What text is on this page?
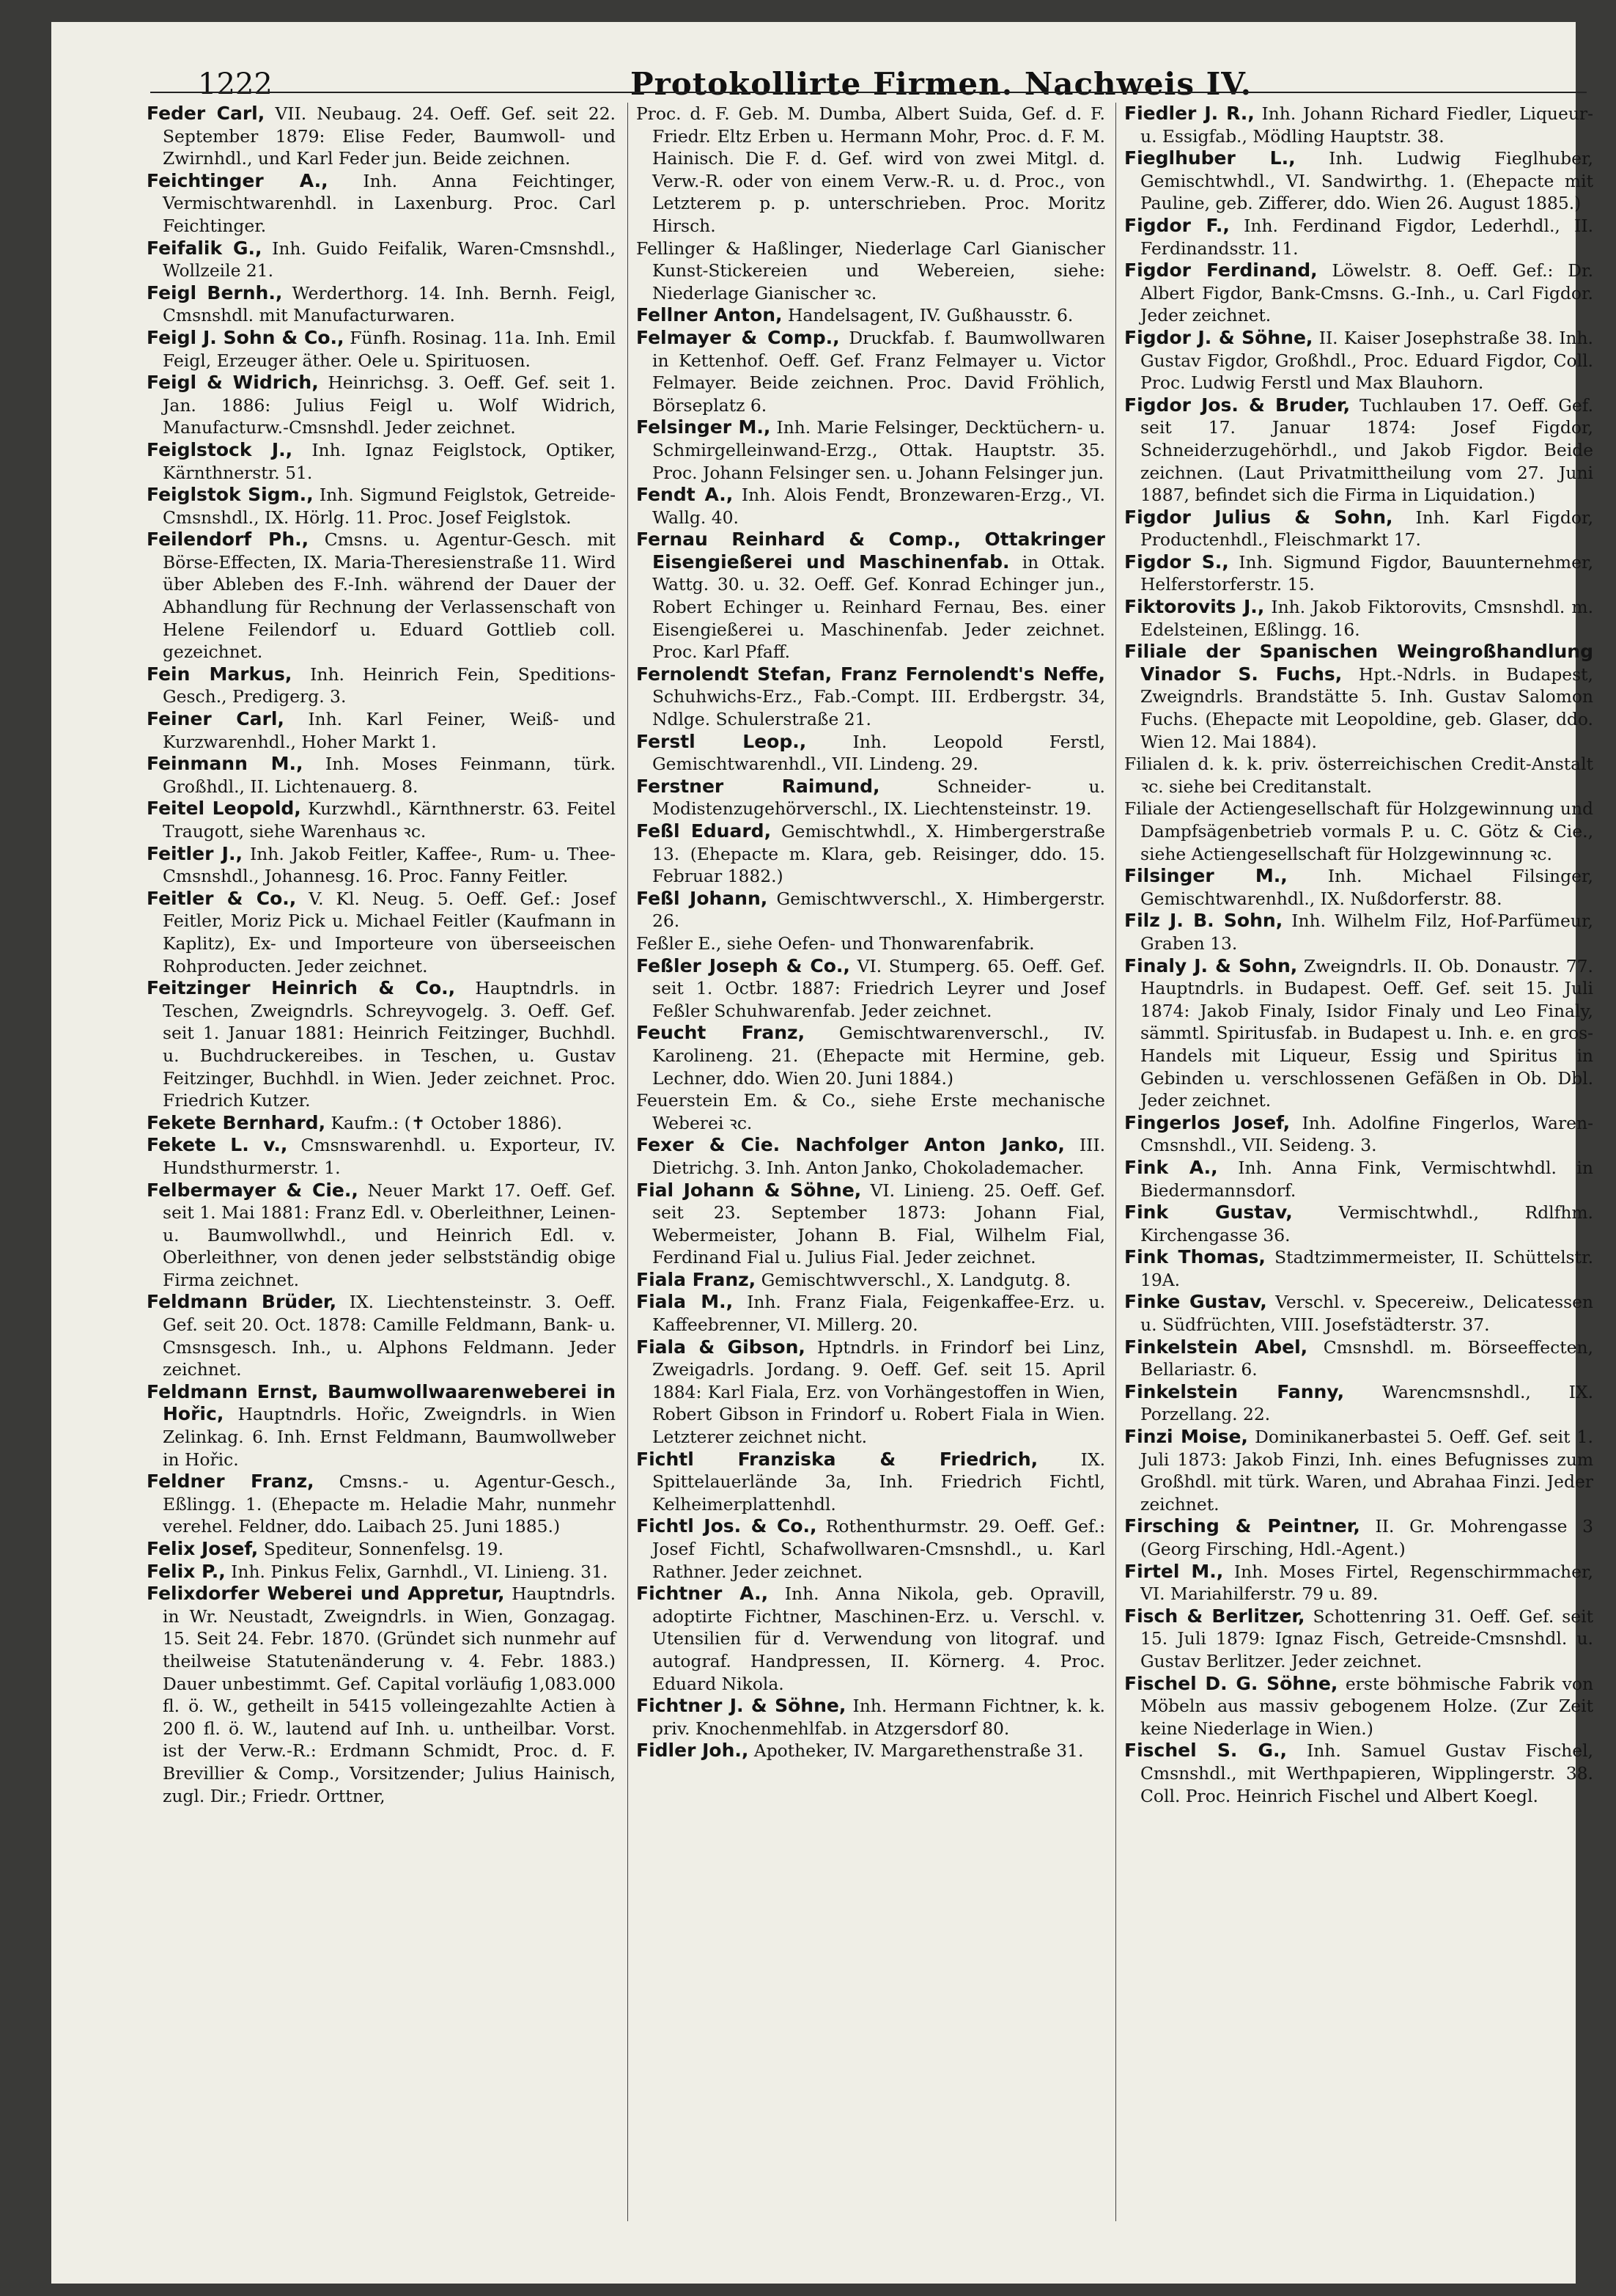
1222	Protokollirte Firmen. Nachweis IV.

Feder Carl, VII. Neubaug. 24. Oeff. Gef. seit 22. September 1879: Elise Feder, Baumwoll- und Zwirnhdl., und Karl Feder jun. Beide zeichnen.

Feichtinger A., Inh. Anna Feichtinger, Vermischtwarenhdl. in Laxenburg. Proc. Carl Feichtinger.

Feifalik G., Inh. Guido Feifalik, Waren-Cmsnshdl., Wollzeile 21.

Feigl Bernh., Werderthorg. 14. Inh. Bernh. Feigl, Cmsnshdl. mit Manufacturwaren.

Feigl J. Sohn & Co., Fünfh. Rosinag. 11a. Inh. Emil Feigl, Erzeuger äther. Oele u. Spirituosen.

Feigl & Widrich, Heinrichsg. 3. Oeff. Gef. seit 1. Jan. 1886: Julius Feigl u. Wolf Widrich, Manufacturw.-Cmsnshdl. Jeder zeichnet.

Feiglstock J., Inh. Ignaz Feiglstock, Optiker, Kärnthnerstr. 51.

Feiglstok Sigm., Inh. Sigmund Feiglstok, Getreide-Cmsnshdl., IX. Hörlg. 11. Proc. Josef Feiglstok.

Feilendorf Ph., Cmsns. u. Agentur-Gesch. mit Börse-Effecten, IX. Maria-Theresienstraße 11. Wird über Ableben des F.-Inh. während der Dauer der Abhandlung für Rechnung der Verlassenschaft von Helene Feilendorf u. Eduard Gottlieb coll. gezeichnet.

Fein Markus, Inh. Heinrich Fein, Speditions-Gesch., Predigerg. 3.

Feiner Carl, Inh. Karl Feiner, Weiß- und Kurzwarenhdl., Hoher Markt 1.

Feinmann M., Inh. Moses Feinmann, türk. Großhdl., II. Lichtenauerg. 8.

Feitel Leopold, Kurzwhdl., Kärnthnerstr. 63. Feitel Traugott, siehe Warenhaus ꝛc.

Feitler J., Inh. Jakob Feitler, Kaffee-, Rum- u. Thee-Cmsnshdl., Johannesg. 16. Proc. Fanny Feitler.

Feitler & Co., V. Kl. Neug. 5. Oeff. Gef.: Josef Feitler, Moriz Pick u. Michael Feitler (Kaufmann in Kaplitz), Ex- und Importeure von überseeischen Rohproducten. Jeder zeichnet.

Feitzinger Heinrich & Co., Hauptndrls. in Teschen, Zweigndrls. Schreyvogelg. 3. Oeff. Gef. seit 1. Januar 1881: Heinrich Feitzinger, Buchhdl. u. Buchdruckereibes. in Teschen, u. Gustav Feitzinger, Buchhdl. in Wien. Jeder zeichnet. Proc. Friedrich Kutzer.

Fekete Bernhard, Kaufm.: (✝ October 1886).

Fekete L. v., Cmsnswarenhdl. u. Exporteur, IV. Hundsthurmerstr. 1.

Felbermayer & Cie., Neuer Markt 17. Oeff. Gef. seit 1. Mai 1881: Franz Edl. v. Oberleithner, Leinen- u. Baumwollwhdl., und Heinrich Edl. v. Oberleithner, von denen jeder selbstständig obige Firma zeichnet.

Feldmann Brüder, IX. Liechtensteinstr. 3. Oeff. Gef. seit 20. Oct. 1878: Camille Feldmann, Bank- u. Cmsnsgesch. Inh., u. Alphons Feldmann. Jeder zeichnet.

Feldmann Ernst, Baumwollwaarenweberei in Hořic, Hauptndrls. Hořic, Zweigndrls. in Wien Zelinkag. 6. Inh. Ernst Feldmann, Baumwollweber in Hořic.

Feldner Franz, Cmsns.- u. Agentur-Gesch., Eßlingg. 1. (Ehepacte m. Heladie Mahr, nunmehr verehel. Feldner, ddo. Laibach 25. Juni 1885.)

Felix Josef, Spediteur, Sonnenfelsg. 19.

Felix P., Inh. Pinkus Felix, Garnhdl., VI. Linieng. 31.

Felixdorfer Weberei und Appretur, Hauptndrls. in Wr. Neustadt, Zweigndrls. in Wien, Gonzagag. 15. Seit 24. Febr. 1870. (Gründet sich nunmehr auf theilweise Statutenänderung v. 4. Febr. 1883.) Dauer unbestimmt. Gef. Capital vorläufig 1,083.000 fl. ö. W., getheilt in 5415 volleingezahlte Actien à 200 fl. ö. W., lautend auf Inh. u. untheilbar. Vorst. ist der Verw.-R.: Erdmann Schmidt, Proc. d. F. Brevillier & Comp., Vorsitzender; Julius Hainisch, zugl. Dir.; Friedr. Orttner,

Proc. d. F. Geb. M. Dumba, Albert Suida, Gef. d. F. Friedr. Eltz Erben u. Hermann Mohr, Proc. d. F. M. Hainisch. Die F. d. Gef. wird von zwei Mitgl. d. Verw.-R. oder von einem Verw.-R. u. d. Proc., von Letzterem p. p. unterschrieben. Proc. Moritz Hirsch.

Fellinger & Haßlinger, Niederlage Carl Gianischer Kunst-Stickereien und Webereien, siehe: Niederlage Gianischer ꝛc.

Fellner Anton, Handelsagent, IV. Gußhausstr. 6.

Felmayer & Comp., Druckfab. f. Baumwollwaren in Kettenhof. Oeff. Gef. Franz Felmayer u. Victor Felmayer. Beide zeichnen. Proc. David Fröhlich, Börseplatz 6.

Felsinger M., Inh. Marie Felsinger, Decktüchern- u. Schmirgelleinwand-Erzg., Ottak. Hauptstr. 35. Proc. Johann Felsinger sen. u. Johann Felsinger jun.

Fendt A., Inh. Alois Fendt, Bronzewaren-Erzg., VI. Wallg. 40.

Fernau Reinhard & Comp., Ottakringer Eisengießerei und Maschinenfab. in Ottak. Wattg. 30. u. 32. Oeff. Gef. Konrad Echinger jun., Robert Echinger u. Reinhard Fernau, Bes. einer Eisengießerei u. Maschinenfab. Jeder zeichnet. Proc. Karl Pfaff.

Fernolendt Stefan, Franz Fernolendt's Neffe, Schuhwichs-Erz., Fab.-Compt. III. Erdbergstr. 34, Ndlge. Schulerstraße 21.

Ferstl Leop.,	Inh. Leopold Ferstl, Gemischtwarenhdl., VII. Lindeng. 29.

Ferstner Raimund,	Schneider- u. Modistenzugehörverschl., IX. Liechtensteinstr. 19.

Feßl Eduard, Gemischtwhdl., X. Himbergerstraße 13. (Ehepacte m. Klara, geb. Reisinger, ddo. 15. Februar 1882.)

Feßl Johann, Gemischtwverschl., X. Himbergerstr. 26.

Feßler E., siehe Oefen- und Thonwarenfabrik.

Feßler Joseph & Co., VI. Stumperg. 65. Oeff. Gef. seit 1. Octbr. 1887: Friedrich Leyrer und Josef Feßler Schuhwarenfab. Jeder zeichnet.

Feucht Franz, Gemischtwarenverschl., IV. Karolineng. 21. (Ehepacte mit Hermine, geb. Lechner, ddo. Wien 20. Juni 1884.)

Feuerstein Em. & Co., siehe Erste mechanische Weberei ꝛc.

Fexer & Cie. Nachfolger Anton Janko, III. Dietrichg. 3. Inh. Anton Janko, Chokolademacher.

Fial Johann & Söhne, VI. Linieng. 25. Oeff. Gef. seit 23. September 1873: Johann Fial, Webermeister, Johann B. Fial, Wilhelm Fial, Ferdinand Fial u. Julius Fial. Jeder zeichnet.

Fiala Franz, Gemischtwverschl., X. Landgutg. 8.

Fiala M., Inh. Franz Fiala, Feigenkaffee-Erz. u. Kaffeebrenner, VI. Millerg. 20.

Fiala & Gibson, Hptndrls. in Frindorf bei Linz, Zweigadrls. Jordang. 9. Oeff. Gef. seit 15. April 1884: Karl Fiala, Erz. von Vorhängestoffen in Wien, Robert Gibson in Frindorf u. Robert Fiala in Wien. Letzterer zeichnet nicht.

Fichtl Franziska & Friedrich,	IX. Spittelauerlände 3a, Inh. Friedrich Fichtl, Kelheimerplattenhdl.

Fichtl Jos. & Co., Rothenthurmstr. 29. Oeff. Gef.: Josef Fichtl, Schafwollwaren-Cmsnshdl., u. Karl Rathner. Jeder zeichnet.

Fichtner A., Inh. Anna Nikola, geb. Opravill, adoptirte Fichtner, Maschinen-Erz. u. Verschl. v. Utensilien für d. Verwendung von litograf. und autograf. Handpressen, II. Körnerg. 4. Proc. Eduard Nikola.

Fichtner J. & Söhne, Inh. Hermann Fichtner, k. k. priv. Knochenmehlfab. in Atzgersdorf 80.

Fidler Joh., Apotheker, IV. Margarethenstraße 31.

Fiedler J. R., Inh. Johann Richard Fiedler, Liqueur- u. Essigfab., Mödling Hauptstr. 38.

Fieglhuber L., Inh. Ludwig Fieglhuber, Gemischtwhdl., VI. Sandwirthg. 1. (Ehepacte mit Pauline, geb. Zifferer, ddo. Wien 26. August 1885.)

Figdor F., Inh. Ferdinand Figdor, Lederhdl., II. Ferdinandsstr. 11.

Figdor Ferdinand, Löwelstr. 8. Oeff. Gef.: Dr. Albert Figdor, Bank-Cmsns. G.-Inh., u. Carl Figdor. Jeder zeichnet.

Figdor J. & Söhne, II. Kaiser Josephstraße 38. Inh. Gustav Figdor, Großhdl., Proc. Eduard Figdor, Coll. Proc. Ludwig Ferstl und Max Blauhorn.

Figdor Jos. & Bruder, Tuchlauben 17. Oeff. Gef. seit 17. Januar 1874: Josef Figdor, Schneiderzugehörhdl., und Jakob Figdor. Beide zeichnen. (Laut Privatmittheilung vom 27. Juni 1887, befindet sich die Firma in Liquidation.)

Figdor Julius & Sohn, Inh. Karl Figdor, Productenhdl., Fleischmarkt 17.

Figdor S., Inh. Sigmund Figdor, Bauunternehmer, Helferstorferstr. 15.

Fiktorovits J., Inh. Jakob Fiktorovits, Cmsnshdl. m. Edelsteinen, Eßlingg. 16.

Filiale der Spanischen Weingroßhandlung Vinador S. Fuchs, Hpt.-Ndrls. in Budapest, Zweigndrls. Brandstätte 5. Inh. Gustav Salomon Fuchs. (Ehepacte mit Leopoldine, geb. Glaser, ddo. Wien 12. Mai 1884).

Filialen d. k. k. priv. österreichischen Credit-Anstalt ꝛc. siehe bei Creditanstalt.

Filiale der Actiengesellschaft für Holzgewinnung und Dampfsägenbetrieb vormals P. u. C. Götz & Cie., siehe Actiengesellschaft für Holzgewinnung ꝛc.

Filsinger M., Inh. Michael Filsinger, Gemischtwarenhdl., IX. Nußdorferstr. 88.

Filz J. B. Sohn, Inh. Wilhelm Filz, Hof-Parfümeur, Graben 13.

Finaly J. & Sohn, Zweigndrls. II. Ob. Donaustr. 77. Hauptndrls. in Budapest. Oeff. Gef. seit 15. Juli 1874: Jakob Finaly, Isidor Finaly und Leo Finaly, sämmtl. Spiritusfab. in Budapest u. Inh. e. en gros-Handels mit Liqueur, Essig und Spiritus in Gebinden u. verschlossenen Gefäßen in Ob. Dbl. Jeder zeichnet.

Fingerlos Josef, Inh. Adolfine Fingerlos, Waren-Cmsnshdl., VII. Seideng. 3.

Fink A., Inh. Anna Fink, Vermischtwhdl. in Biedermannsdorf.

Fink Gustav,	Vermischtwhdl., Rdlfhm. Kirchengasse 36.

Fink Thomas, Stadtzimmermeister, II. Schüttelstr. 19A.

Finke Gustav, Verschl. v. Specereiw., Delicatessen u. Südfrüchten, VIII. Josefstädterstr. 37.

Finkelstein Abel, Cmsnshdl. m. Börseeffecten, Bellariastr. 6.

Finkelstein Fanny, Warencmsnshdl., IX. Porzellang. 22.

Finzi Moise, Dominikanerbastei 5. Oeff. Gef. seit 1. Juli 1873: Jakob Finzi, Inh. eines Befugnisses zum Großhdl. mit türk. Waren, und Abrahaa Finzi. Jeder zeichnet.

Firsching & Peintner, II. Gr. Mohrengasse 3 (Georg Firsching, Hdl.-Agent.)

Firtel M., Inh. Moses Firtel, Regenschirmmacher, VI. Mariahilferstr. 79 u. 89.

Fisch & Berlitzer, Schottenring 31. Oeff. Gef. seit 15. Juli 1879: Ignaz Fisch, Getreide-Cmsnshdl. u. Gustav Berlitzer. Jeder zeichnet.

Fischel D. G. Söhne, erste böhmische Fabrik von Möbeln aus massiv gebogenem Holze. (Zur Zeit keine Niederlage in Wien.)

Fischel S. G., Inh. Samuel Gustav Fischel, Cmsnshdl., mit Werthpapieren, Wipplingerstr. 38. Coll. Proc. Heinrich Fischel und Albert Koegl.
